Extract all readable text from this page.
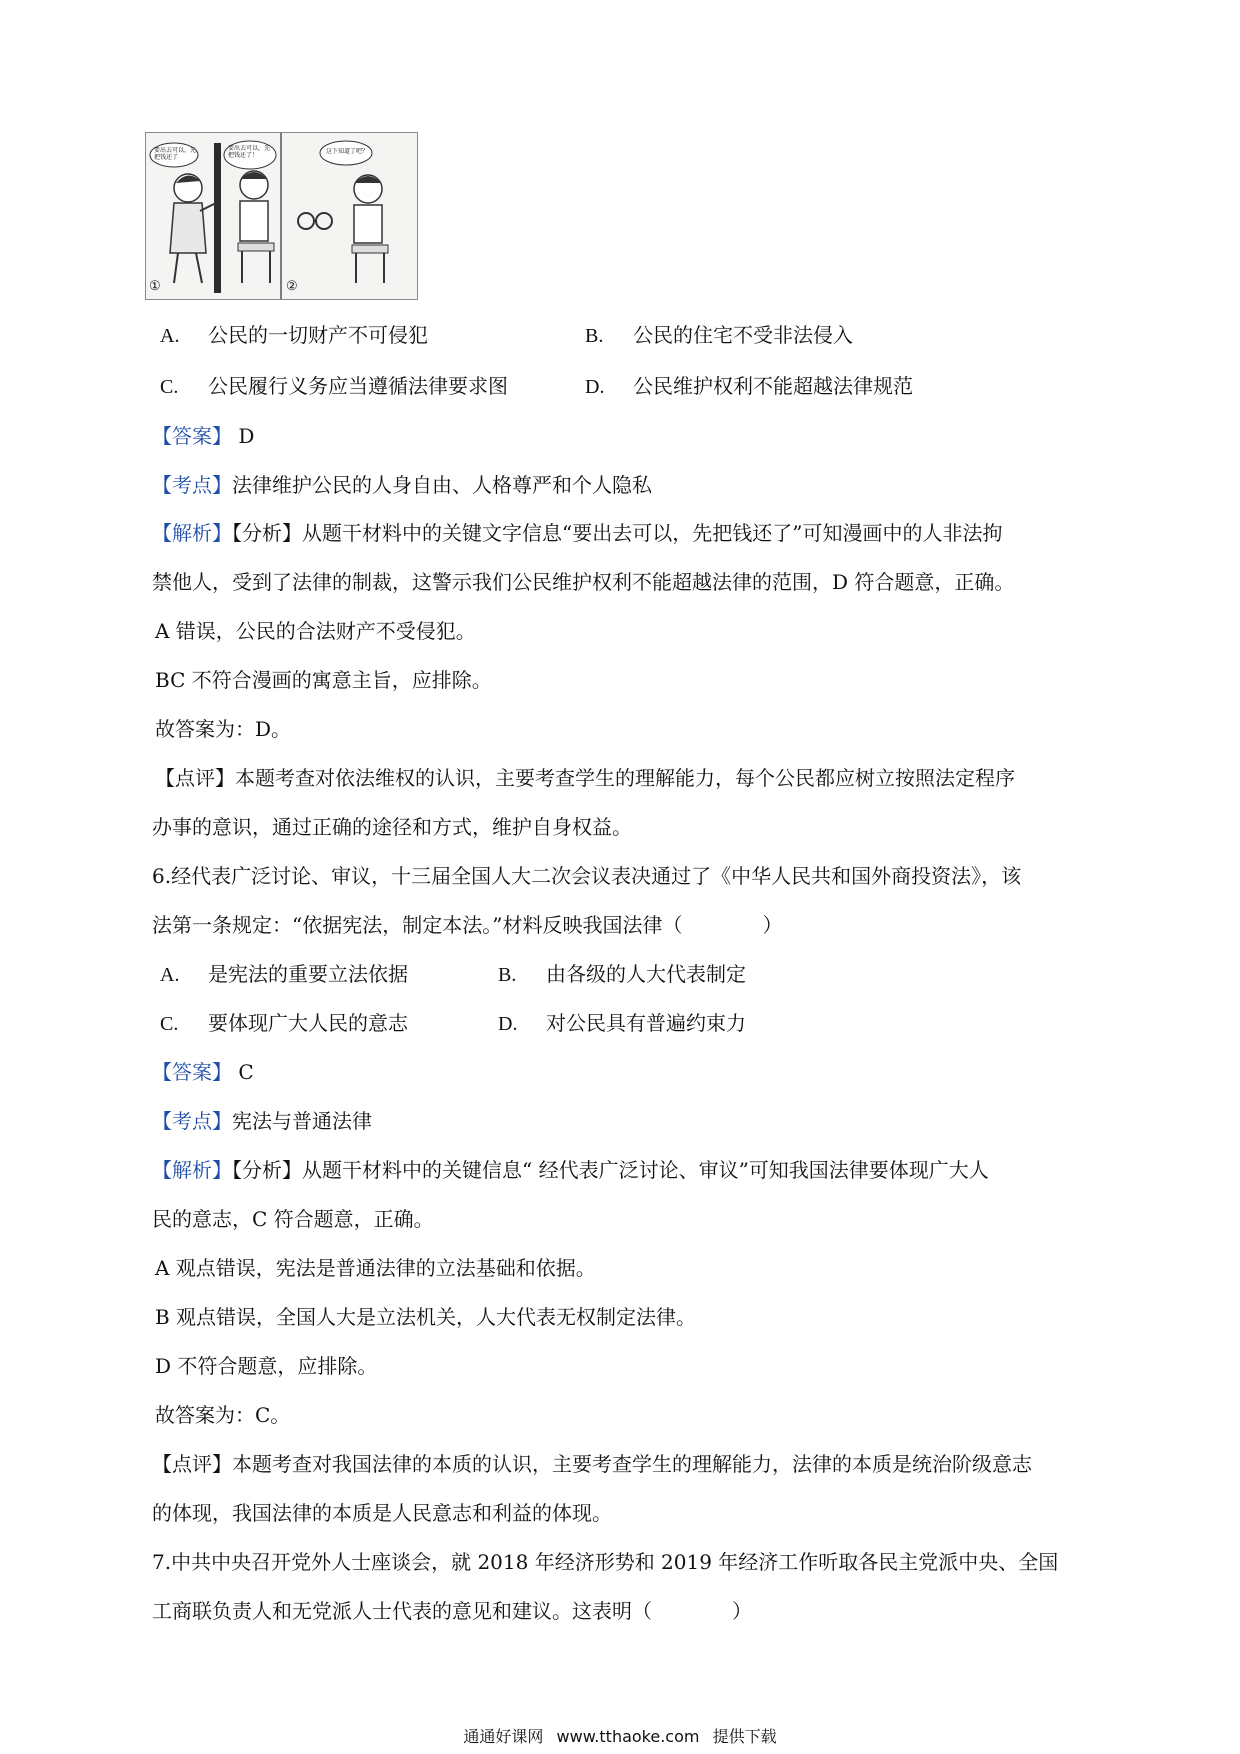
要出去可以，先把钱还了
要出去可以，先把钱还了！
这下知道了吧？
①	②
A. 公民的一切财产不可侵犯	B. 公民的住宅不受非法侵入
C. 公民履行义务应当遵循法律要求图	D. 公民维护权利不能超越法律规范
【答案】 D
【考点】法律维护公民的人身自由、人格尊严和个人隐私
【解析】【分析】从题干材料中的关键文字信息“要出去可以，先把钱还了”可知漫画中的人非法拘
禁他人，受到了法律的制裁，这警示我们公民维护权利不能超越法律的范围，D 符合题意，正确。
A 错误，公民的合法财产不受侵犯。
BC 不符合漫画的寓意主旨，应排除。
故答案为：D。
【点评】本题考查对依法维权的认识，主要考查学生的理解能力，每个公民都应树立按照法定程序
办事的意识，通过正确的途径和方式，维护自身权益。
6.经代表广泛讨论、审议，十三届全国人大二次会议表决通过了《中华人民共和国外商投资法》，该
法第一条规定：“依据宪法，制定本法。”材料反映我国法律（　　　　）
A. 是宪法的重要立法依据	B. 由各级的人大代表制定
C. 要体现广大人民的意志	D. 对公民具有普遍约束力
【答案】 C
【考点】宪法与普通法律
【解析】【分析】从题干材料中的关键信息“ 经代表广泛讨论、审议”可知我国法律要体现广大人
民的意志，C 符合题意，正确。
A 观点错误，宪法是普通法律的立法基础和依据。
B 观点错误，全国人大是立法机关，人大代表无权制定法律。
D 不符合题意，应排除。
故答案为：C。
【点评】本题考查对我国法律的本质的认识，主要考查学生的理解能力，法律的本质是统治阶级意志
的体现，我国法律的本质是人民意志和利益的体现。
7.中共中央召开党外人士座谈会，就 2018 年经济形势和 2019 年经济工作听取各民主党派中央、全国
工商联负责人和无党派人士代表的意见和建议。这表明（　　　　）
通通好课网 www.tthaoke.com 提供下载
